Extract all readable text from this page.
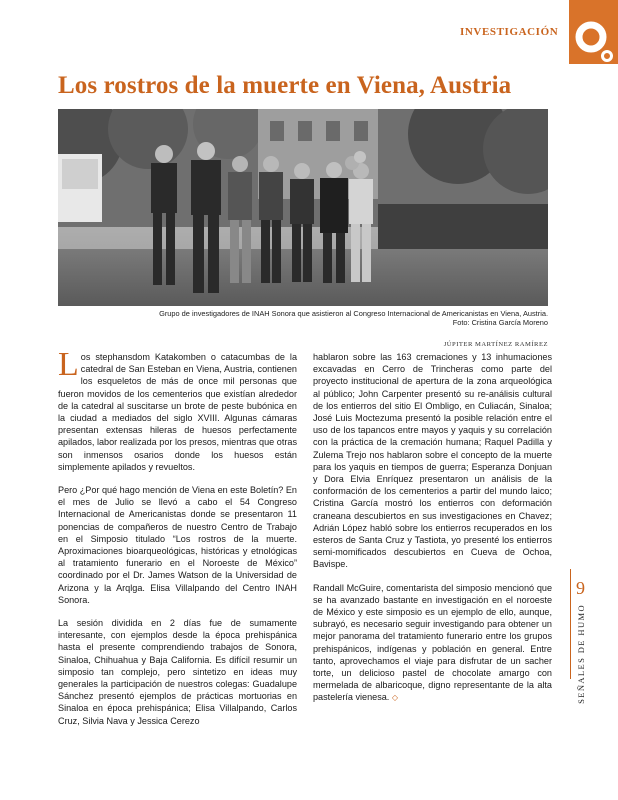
INVESTIGACIÓN
Los rostros de la muerte en Viena, Austria
Grupo de investigadores de INAH Sonora que asistieron al Congreso Internacional de Americanistas en Viena, Austria.
Foto: Cristina García Moreno
JÚPITER MARTÍNEZ RAMÍREZ

Los stephansdom Katakomben o catacumbas de la catedral de San Esteban en Viena, Austria, contienen los esqueletos de más de once mil personas que fueron movidos de los cementerios que existían alrededor de la catedral al suscitarse un brote de peste bubónica en la ciudad a mediados del siglo XVIII. Algunas cámaras presentan extensas hileras de huesos perfectamente apilados, labor realizada por los presos, mientras que otras son inmensos osarios donde los huesos están simplemente apilados y revueltos.

Pero ¿Por qué hago mención de Viena en este Boletín? En el mes de Julio se llevó a cabo el 54 Congreso Internacional de Americanistas donde se presentaron 11 ponencias de compañeros de nuestro Centro de Trabajo en el Simposio titulado “Los rostros de la muerte. Aproximaciones bioarqueológicas, históricas y etnológicas al tratamiento funerario en el Noroeste de México” coordinado por el Dr. James Watson de la Universidad de Arizona y la Arqlga. Elisa Villalpando del Centro INAH Sonora.

La sesión dividida en 2 días fue de sumamente interesante, con ejemplos desde la época prehispánica hasta el presente comprendiendo trabajos de Sonora, Sinaloa, Chihuahua y Baja California. Es difícil resumir un simposio tan complejo, pero sintetizo en ideas muy generales la participación de nuestros colegas: Guadalupe Sánchez presentó ejemplos de prácticas mortuorias en Sinaloa en época prehispánica; Elisa Villalpando, Carlos Cruz, Silvia Nava y Jessica Cerezo

hablaron sobre las 163 cremaciones y 13 inhumaciones excavadas en Cerro de Trincheras como parte del proyecto institucional de apertura de la zona arqueológica al público; John Carpenter presentó su re-análisis cultural de los entierros del sitio El Ombligo, en Culiacán, Sinaloa; José Luis Moctezuma presentó la posible relación entre el uso de los tapancos entre mayos y yaquis y su correlación con la práctica de la cremación humana; Raquel Padilla y Zulema Trejo nos hablaron sobre el concepto de la muerte para los yaquis en tiempos de guerra; Esperanza Donjuan y Dora Elvia Enríquez presentaron un análisis de la conformación de los cementerios a partir del mundo laico; Cristina García mostró los entierros con deformación craneana descubiertos en sus investigaciones en Chavez; Adrián López habló sobre los entierros recuperados en los esteros de Santa Cruz y Tastiota, yo presenté los entierros semi-momificados descubiertos en Cueva de Ochoa, Bavispe.

Randall McGuire, comentarista del simposio mencionó que se ha avanzado bastante en investigación en el noroeste de México y este simposio es un ejemplo de ello, aunque, subrayó, es necesario seguir investigando para obtener un mejor panorama del tratamiento funerario entre los grupos prehispánicos, indígenas y población en general. Entre tanto, aprovechamos el viaje para disfrutar de un sacher torte, un delicioso pastel de chocolate amargo con mermelada de albaricoque, digno representante de la alta pastelería vienesa. ◇

9
SEÑALES DE HUMO
